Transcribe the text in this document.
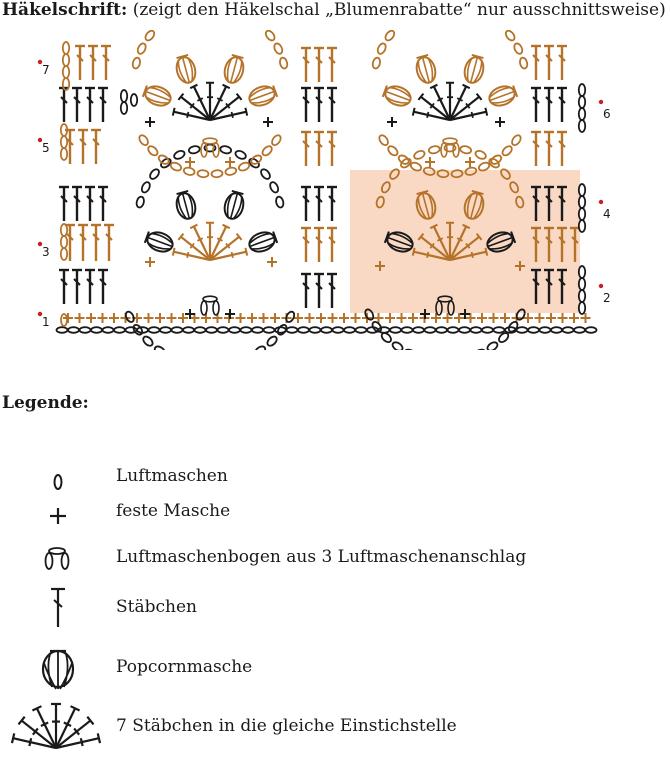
Häkelschrift: (zeigt den Häkelschal „Blumenrabatte“ nur ausschnittsweise)
7
5
3
1
6
4
2
Legende:
Luftmaschen
feste Masche
Luftmaschenbogen aus 3 Luftmaschenanschlag
Stäbchen
Popcornmasche
7 Stäbchen in die gleiche Einstichstelle
